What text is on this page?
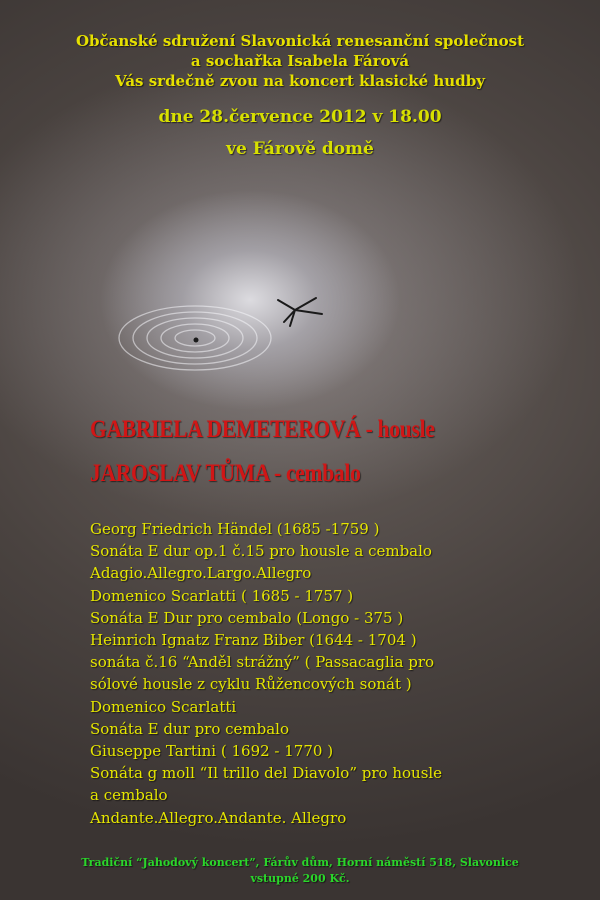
Občanské sdružení Slavonická renesanční společnost

a sochařka Isabela Fárová

Vás srdečně zvou na koncert klasické hudby

dne 28.července 2012 v 18.00

ve Fárově domě

GABRIELA DEMETEROVÁ - housle

JAROSLAV TŮMA - cembalo

Georg Friedrich Händel (1685 -1759 )
Sonáta E dur op.1 č.15 pro housle a cembalo
Adagio.Allegro.Largo.Allegro
Domenico Scarlatti ( 1685 - 1757 )
Sonáta E Dur pro cembalo (Longo - 375 )
Heinrich Ignatz Franz Biber (1644 - 1704 )
sonáta č.16 “Anděl strážný” ( Passacaglia pro
sólové housle z cyklu Růžencových sonát )
Domenico Scarlatti
Sonáta E dur pro cembalo
Giuseppe Tartini ( 1692 - 1770 )
Sonáta g moll “Il trillo del Diavolo” pro housle
a cembalo
Andante.Allegro.Andante. Allegro

Tradiční “Jahodový koncert”, Fárův dům, Horní náměstí 518, Slavonice

vstupné 200 Kč.
